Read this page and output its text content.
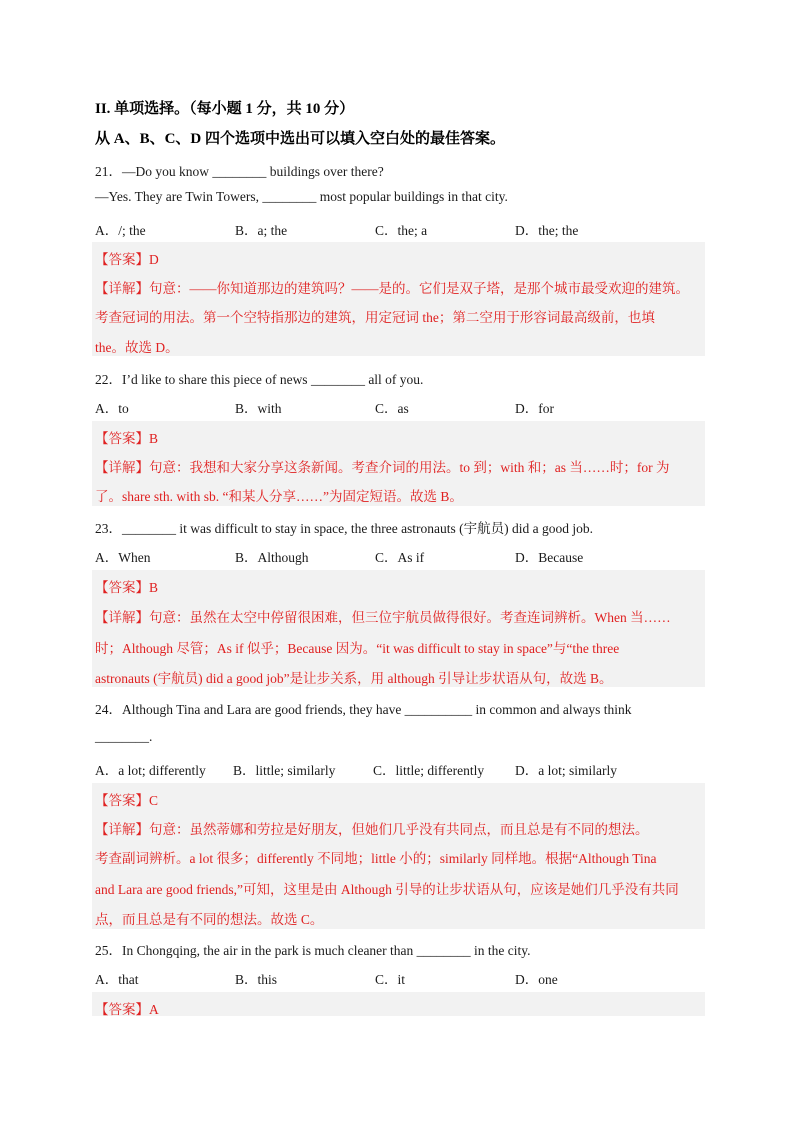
II. 单项选择。（每小题 1 分，共 10 分）
从 A、B、C、D 四个选项中选出可以填入空白处的最佳答案。
21．—Do you know ________ buildings over there?
—Yes. They are Twin Towers, ________ most popular buildings in that city.
A．/; the	B．a; the	C．the; a	D．the; the
【答案】D
【详解】句意：——你知道那边的建筑吗？——是的。它们是双子塔，是那个城市最受欢迎的建筑。
考查冠词的用法。第一个空特指那边的建筑，用定冠词 the；第二空用于形容词最高级前，也填
the。故选 D。
22．I’d like to share this piece of news ________ all of you.
A．to	B．with	C．as	D．for
【答案】B
【详解】句意：我想和大家分享这条新闻。考查介词的用法。to 到；with 和；as 当……时；for 为
了。share sth. with sb. “和某人分享……”为固定短语。故选 B。
23．________ it was difficult to stay in space, the three astronauts (宇航员) did a good job.
A．When	B．Although	C．As if	D．Because
【答案】B
【详解】句意：虽然在太空中停留很困难，但三位宇航员做得很好。考查连词辨析。When 当……
时；Although 尽管；As if 似乎；Because 因为。“it was difficult to stay in space”与“the three
astronauts (宇航员) did a good job”是让步关系，用 although 引导让步状语从句，故选 B。
24．Although Tina and Lara are good friends, they have __________ in common and always think
________.
A．a lot; differently B．little; similarly	C．little; differently D．a lot; similarly
【答案】C
【详解】句意：虽然蒂娜和劳拉是好朋友，但她们几乎没有共同点，而且总是有不同的想法。
考查副词辨析。a lot 很多；differently 不同地；little 小的；similarly 同样地。根据“Although Tina
and Lara are good friends,”可知，这里是由 Although 引导的让步状语从句，应该是她们几乎没有共同
点，而且总是有不同的想法。故选 C。
25．In Chongqing, the air in the park is much cleaner than ________ in the city.
A．that	B．this	C．it	D．one
【答案】A
